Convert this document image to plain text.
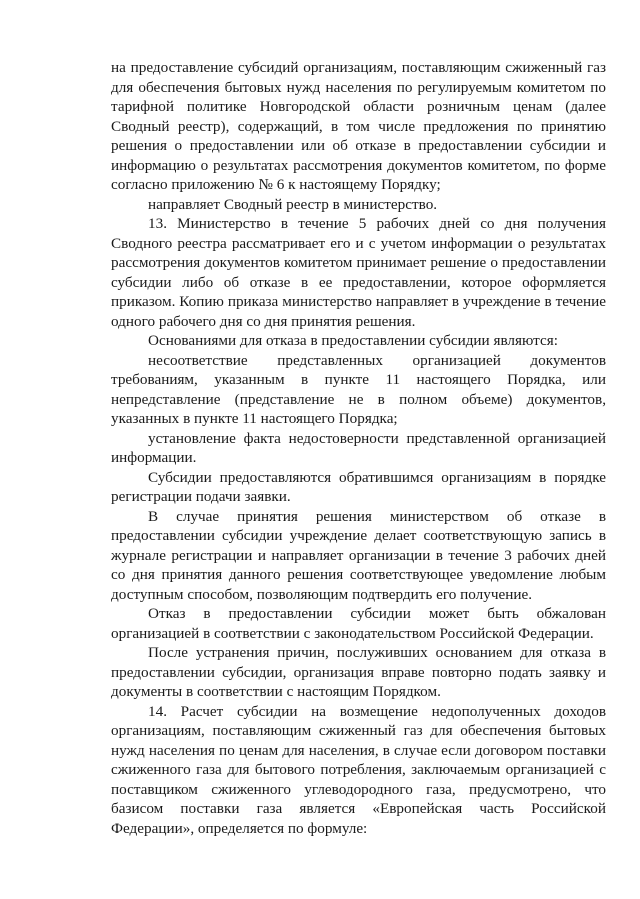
на предоставление субсидий организациям, поставляющим сжиженный газ для обеспечения бытовых нужд населения по регулируемым комитетом по тарифной политике Новгородской области розничным ценам (далее Сводный реестр), содержащий, в том числе предложения по принятию решения о предоставлении или об отказе в предоставлении субсидии и информацию о результатах рассмотрения документов комитетом, по форме согласно приложению № 6 к настоящему Порядку;

направляет Сводный реестр в министерство.

13. Министерство в течение 5 рабочих дней со дня получения Сводного реестра рассматривает его и с учетом информации о результатах рассмотрения документов комитетом принимает решение о предоставлении субсидии либо об отказе в ее предоставлении, которое оформляется приказом. Копию приказа министерство направляет в учреждение в течение одного рабочего дня со дня принятия решения.

Основаниями для отказа в предоставлении субсидии являются:

несоответствие представленных организацией документов требованиям, указанным в пункте 11 настоящего Порядка, или непредставление (представление не в полном объеме) документов, указанных в пункте 11 настоящего Порядка;

установление факта недостоверности представленной организацией информации.

Субсидии предоставляются обратившимся организациям в порядке регистрации подачи заявки.

В случае принятия решения министерством об отказе в предоставлении субсидии учреждение делает соответствующую запись в журнале регистрации и направляет организации в течение 3 рабочих дней со дня принятия данного решения соответствующее уведомление любым доступным способом, позволяющим подтвердить его получение.

Отказ в предоставлении субсидии может быть обжалован организацией в соответствии с законодательством Российской Федерации.

После устранения причин, послуживших основанием для отказа в предоставлении субсидии, организация вправе повторно подать заявку и документы в соответствии с настоящим Порядком.

14. Расчет субсидии на возмещение недополученных доходов организациям, поставляющим сжиженный газ для обеспечения бытовых нужд населения по ценам для населения, в случае если договором поставки сжиженного газа для бытового потребления, заключаемым организацией с поставщиком сжиженного углеводородного газа, предусмотрено, что базисом поставки газа является «Европейская часть Российской Федерации», определяется по формуле:
